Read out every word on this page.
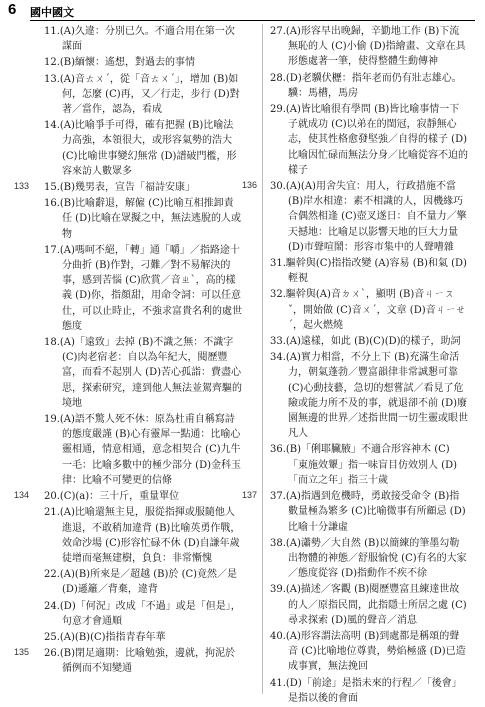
6 國中國文

11.(A)久違：分別已久。不適合用在第一次謀面

12.(B)緬懷：遙想，對過去的事情

13.(A)音ㄊㄨˊ，從「音ㄊㄨˊ」，增加 (B)如何，怎麼 (C)再，又／行走，步行 (D)對著／當作，認為，看成

14.(A)比喻爭手可得，確有把握 (B)比喻法力高強，本領很大，或形容氣勢的浩大 (C)比喻世事變幻無常 (D)譜破門檻，形容來訪人數眾多

15.(B)幾男表，宣告「福詩安康」

16.(B)比喻辭退，解僱 (C)比喻互相推卸責任 (D)比喻在眾擬之中，無法逃脫的人或物

17.(A)嗎呵不絕，「轉」通「嚼」／指路途十分曲折 (B)作對，刁難／對不易解決的事，感到苦惱 (C)欣賞／音ㄓˋ，高的樣義 (D)你，指顏甜，用命令詞：可以任意仕，可以止時止，不強求富貴名利的處世態度

18.(A)「遠致」去掉 (B)不識之無：不識字 (C)肉老宿老：自以為年紀大，閱歷豐富，而看不起別人 (D)苦心孤詣：費盡心思，探索研究，達到他人無法並駕齊驅的境地

19.(A)語不驚人死不休：原為杜甫自稱寫詩的態度嚴謹 (B)心有靈犀一點通：比喻心靈相通，情意相通，意念相契合 (C)九牛一毛：比喻多數中的極少部分 (D)金科玉律：比喻不可變更的信條

20.(C)(a)：三十斤，重量單位

21.(A)比喻還無主見，服從指揮或服隨他人進退，不敢稍加違背 (B)比喻英勇作戰，效命沙場 (C)形容忙碌不休 (D)自謙年歲徒增而毫無建樹，負負：非常慚愧

22.(A)(B)所來是／超越 (B)於 (C)竟然／是 (D)遜籬／背棄，違背

24.(D)「何況」改成「不過」或是「但是」，句意才會通順

25.(A)(B)(C)指指青春年華

26.(B)閉足適期：比喻勉強，邊就，拘泥於循例而不知變通

27.(A)形容早出晚歸，辛勤地工作 (B)下流無恥的人 (C)小偷 (D)指繪畫、文章在具形態處著一筆，使得整體生動傳神

28.(D)老驥伏櫪：指年老而仍有壯志雄心。驥：馬槽，馬房

29.(A)皆比喻很有學問 (B)皆比喻事情一下子就成功 (C)以弟在的閨冠，寂靜無心志，使其性格愈發堅強／自得的樣子 (D)比喻因忙碌而無法分身／比喻從容不迫的樣子

30.(A)(A)用舍失宜：用人，行政措施不當 (B)岸水相違：素不相識的人，因機緣巧合偶然相逢 (C)壺叉遂日：自不量力／擎天撼地：比喻足以影響天地的巨大力量 (D)市聲喧鬧：形容市集中的人聲嘈雜

31.驅幹與(C)指指改變 (A)容易 (B)和氣 (D)輕視

32.驅幹與(A)音ㄉㄨˋ，顯明 (B)音ㄐㄧㄡˇ，開始做 (C)音ㄨˊ，文章 (D)音ㄐㄧㄝˊ，起火燃燒

33.(A)遠樣，如此 (B)(C)(D)的樣子，助詞

34.(A)實力相當，不分上下 (B)充滿生命活力，朝氣蓬勃／豐富韻律非常誠懇可靠 (C)心動技藝，急切的想嘗試／看見了危險或能力所不及的事，就退卻不前 (D)廢園無邊的世界／述指世間一切生靈或眼世凡人

36.(B)「俐耶臟腋」不適合形容神木 (C)「東施效顰」指一味盲目仿效別人 (D)「而立之年」指三十歲

37.(A)指遇到危機時，勇敢接受命令 (B)指數量極為繁多 (C)比喻微事有所顧忌 (D)比喻十分謙虛

38.(A)瀟勢／大自然 (B)以簡練的筆墨勾勒出物體的神態／舒服愉悅 (C)有名的大家／態度從容 (D)指動作不疾不徐

39.(A)描述／客觀 (B)閱歷豐富且練達世故的人／原指民間，此指隱士所居之處 (C)尋求探索 (D)風的聲音／消息

40.(A)形容謂法高明 (B)到處都是稱頌的聲音 (C)比喻地位尊貴，勢焰極盛 (D)已造成事實，無法挽回

41.(D)「前途」是指未來的行程／「後會」是指以後的會面

133
134
135
136
137
